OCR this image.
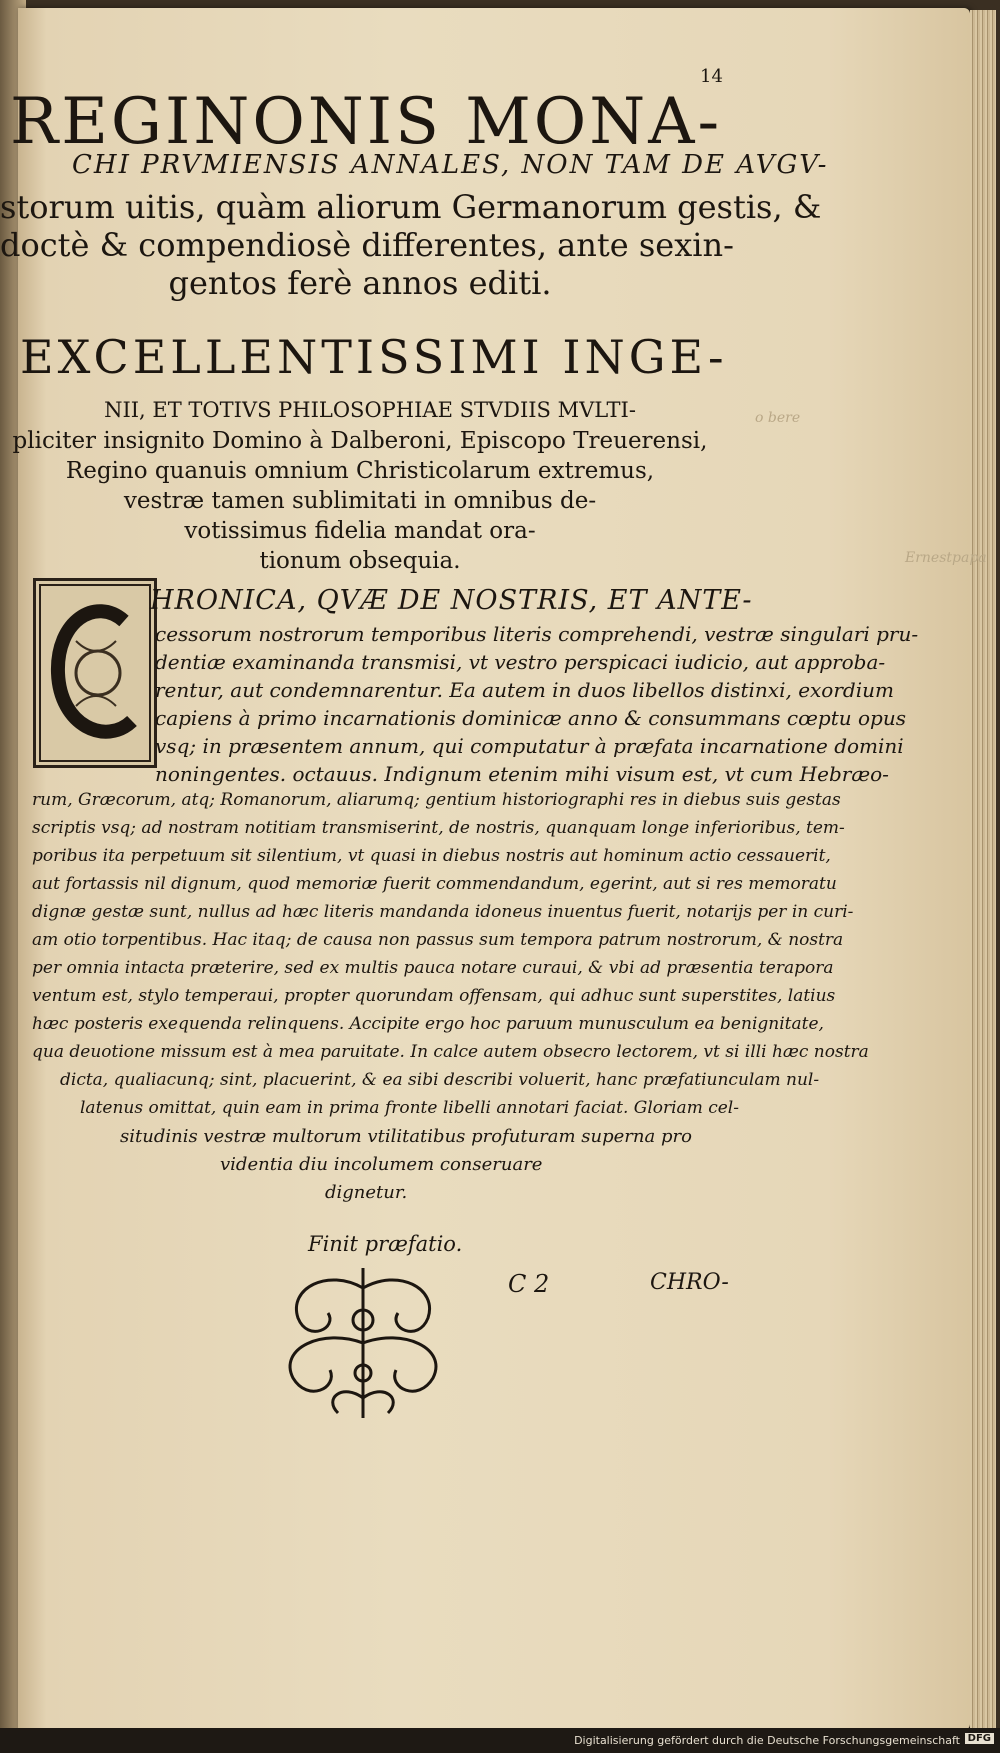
14
REGINONIS MONA-
CHI PRVMIENSIS ANNALES, NON TAM DE AVGV-
storum uitis, quàm aliorum Germanorum gestis, &
doctè & compendiosè differentes, ante sexin-
gentos ferè annos editi.
EXCELLENTISSIMI INGE-
NII, ET TOTIVS PHILOSOPHIAE STVDIIS MVLTI-
pliciter insignito Domino à Dalberoni, Episcopo Treuerensi,
Regino quanuis omnium Christicolarum extremus,
vestræ tamen sublimitati in omnibus de-
votissimus fidelia mandat ora-
tionum obsequia.
HRONICA, QVÆ DE NOSTRIS, ET ANTE-
cessorum nostrorum temporibus literis comprehendi, vestræ singulari pru-
dentiæ examinanda transmisi, vt vestro perspicaci iudicio, aut approba-
rentur, aut condemnarentur. Ea autem in duos libellos distinxi, exordium
capiens à primo incarnationis dominicæ anno & consummans cœptu opus
vsq; in præsentem annum, qui computatur à præfata incarnatione domini
noningentes. octauus. Indignum etenim mihi visum est, vt cum Hebræo-
rum, Græcorum, atq; Romanorum, aliarumq; gentium historiographi res in diebus suis gestas
scriptis vsq; ad nostram notitiam transmiserint, de nostris, quanquam longe inferioribus, tem-
poribus ita perpetuum sit silentium, vt quasi in diebus nostris aut hominum actio cessauerit,
aut fortassis nil dignum, quod memoriæ fuerit commendandum, egerint, aut si res memoratu
dignæ gestæ sunt, nullus ad hæc literis mandanda idoneus inuentus fuerit, notarijs per in curi-
am otio torpentibus. Hac itaq; de causa non passus sum tempora patrum nostrorum, & nostra
per omnia intacta præterire, sed ex multis pauca notare curaui, & vbi ad præsentia terapora
ventum est, stylo temperaui, propter quorundam offensam, qui adhuc sunt superstites, latius
hæc posteris exequenda relinquens. Accipite ergo hoc paruum munusculum ea benignitate,
qua deuotione missum est à mea paruitate. In calce autem obsecro lectorem, vt si illi hæc nostra
dicta, qualiacunq; sint, placuerint, & ea sibi describi voluerit, hanc præfatiunculam nul-
latenus omittat, quin eam in prima fronte libelli annotari faciat. Gloriam cel-
situdinis vestræ multorum vtilitatibus profuturam superna pro
videntia diu incolumem conseruare
dignetur.
Finit præfatio.
C 2	CHRO-
o bere
Ernestpapa
Digitalisierung gefördert durch die Deutsche Forschungsgemeinschaft DFG
